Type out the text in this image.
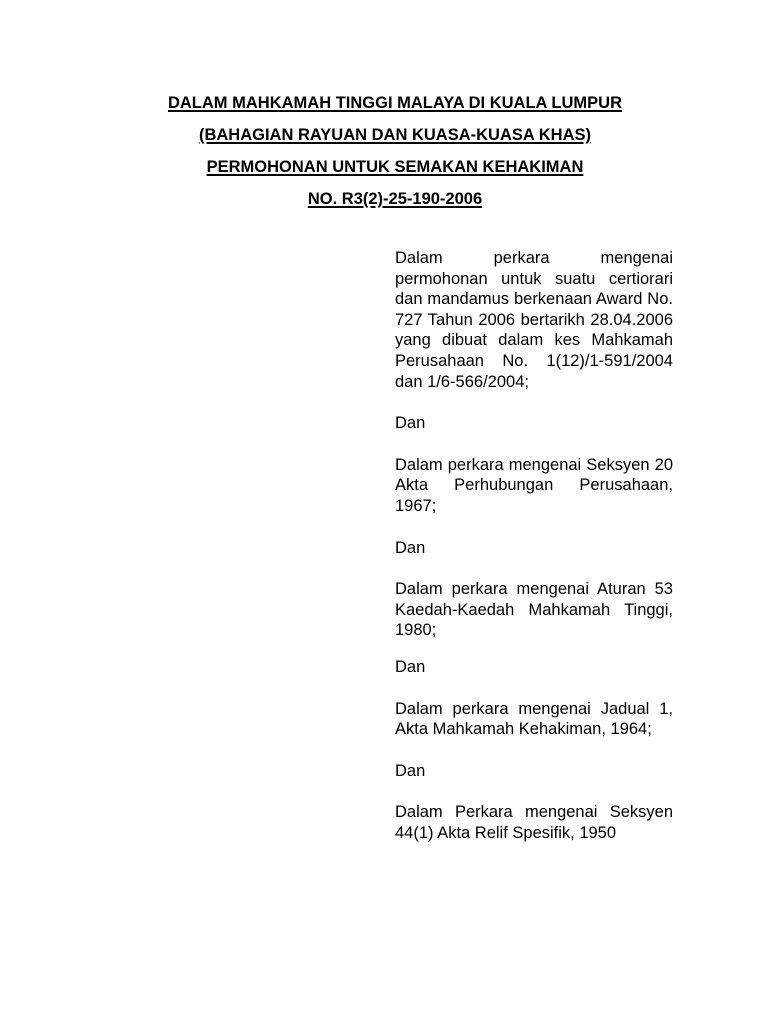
DALAM MAHKAMAH TINGGI MALAYA DI KUALA LUMPUR
(BAHAGIAN RAYUAN DAN KUASA-KUASA KHAS)
PERMOHONAN UNTUK SEMAKAN KEHAKIMAN
NO. R3(2)-25-190-2006

Dalam perkara mengenai permohonan untuk suatu certiorari dan mandamus berkenaan Award No. 727 Tahun 2006 bertarikh 28.04.2006 yang dibuat dalam kes Mahkamah Perusahaan No. 1(12)/1-591/2004 dan 1/6-566/2004;

Dan

Dalam perkara mengenai Seksyen 20 Akta Perhubungan Perusahaan, 1967;

Dan

Dalam perkara mengenai Aturan 53 Kaedah-Kaedah Mahkamah Tinggi, 1980;

Dan

Dalam perkara mengenai Jadual 1, Akta Mahkamah Kehakiman, 1964;

Dan

Dalam Perkara mengenai Seksyen 44(1) Akta Relif Spesifik, 1950
